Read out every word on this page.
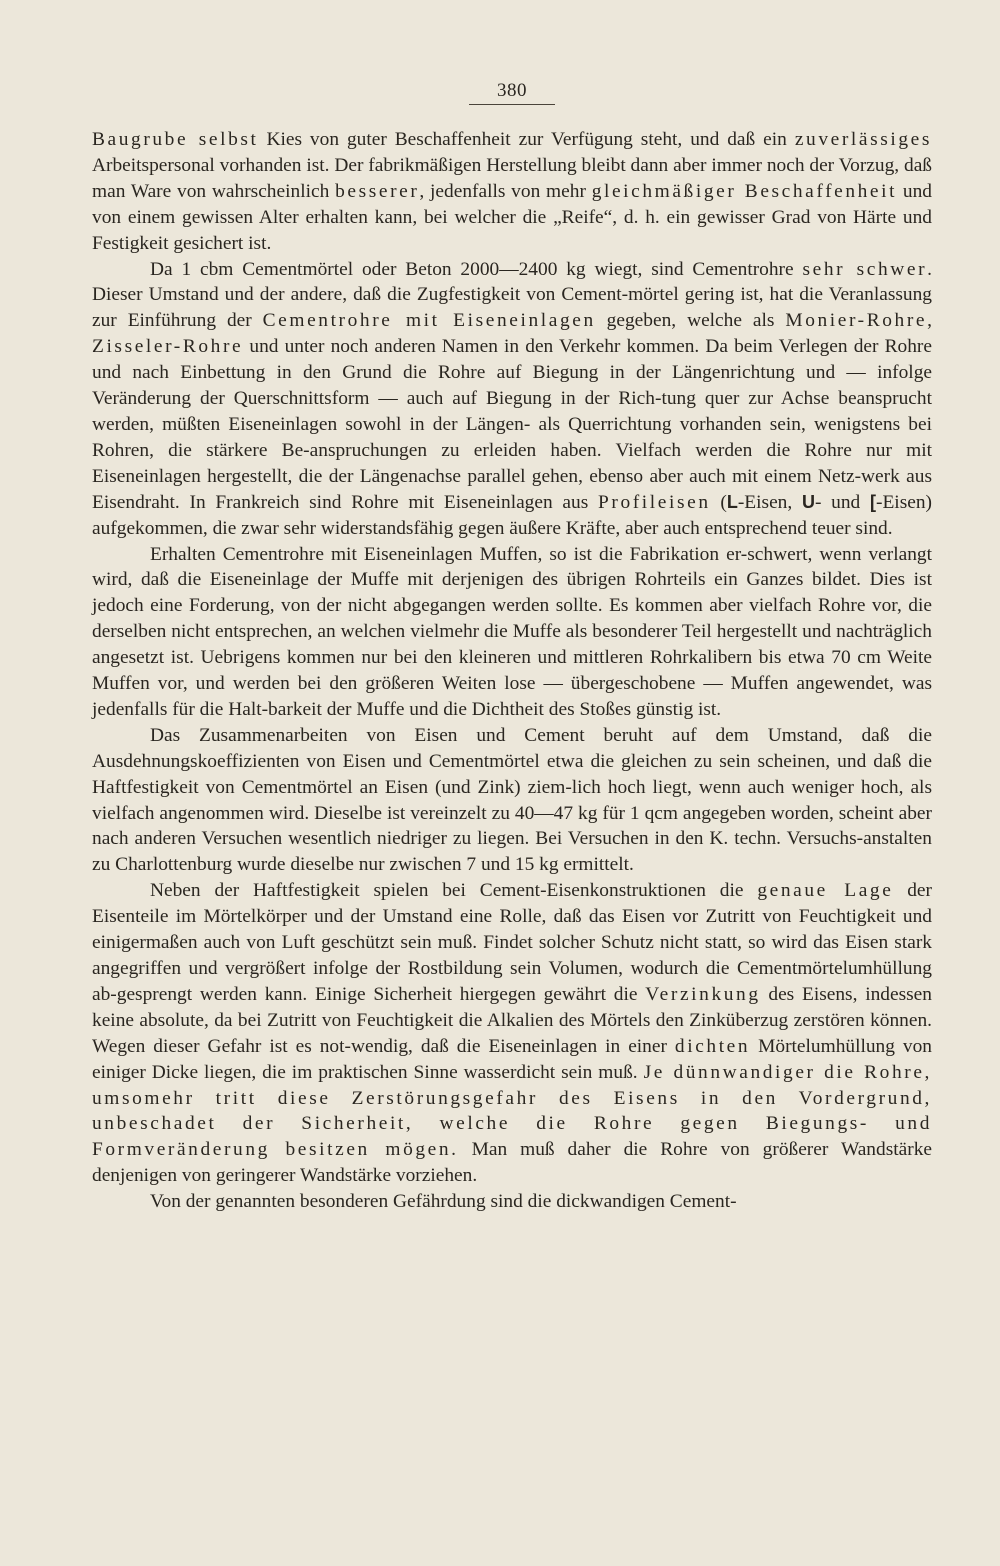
380

Baugrube selbst Kies von guter Beschaffenheit zur Verfügung steht, und daß ein zuverlässiges Arbeitspersonal vorhanden ist. Der fabrikmäßigen Herstellung bleibt dann aber immer noch der Vorzug, daß man Ware von wahrscheinlich besserer, jedenfalls von mehr gleichmäßiger Beschaffenheit und von einem gewissen Alter erhalten kann, bei welcher die „Reife“, d. h. ein gewisser Grad von Härte und Festigkeit gesichert ist.

Da 1 cbm Cementmörtel oder Beton 2000—2400 kg wiegt, sind Cementrohre sehr schwer. Dieser Umstand und der andere, daß die Zugfestigkeit von Cement-mörtel gering ist, hat die Veranlassung zur Einführung der Cementrohre mit Eiseneinlagen gegeben, welche als Monier-Rohre, Zisseler-Rohre und unter noch anderen Namen in den Verkehr kommen. Da beim Verlegen der Rohre und nach Einbettung in den Grund die Rohre auf Biegung in der Längenrichtung und — infolge Veränderung der Querschnittsform — auch auf Biegung in der Rich-tung quer zur Achse beansprucht werden, müßten Eiseneinlagen sowohl in der Längen- als Querrichtung vorhanden sein, wenigstens bei Rohren, die stärkere Be-anspruchungen zu erleiden haben. Vielfach werden die Rohre nur mit Eiseneinlagen hergestellt, die der Längenachse parallel gehen, ebenso aber auch mit einem Netz-werk aus Eisendraht. In Frankreich sind Rohre mit Eiseneinlagen aus Profileisen (L-Eisen, U- und [-Eisen) aufgekommen, die zwar sehr widerstandsfähig gegen äußere Kräfte, aber auch entsprechend teuer sind.

Erhalten Cementrohre mit Eiseneinlagen Muffen, so ist die Fabrikation er-schwert, wenn verlangt wird, daß die Eiseneinlage der Muffe mit derjenigen des übrigen Rohrteils ein Ganzes bildet. Dies ist jedoch eine Forderung, von der nicht abgegangen werden sollte. Es kommen aber vielfach Rohre vor, die derselben nicht entsprechen, an welchen vielmehr die Muffe als besonderer Teil hergestellt und nachträglich angesetzt ist. Uebrigens kommen nur bei den kleineren und mittleren Rohrkalibern bis etwa 70 cm Weite Muffen vor, und werden bei den größeren Weiten lose — übergeschobene — Muffen angewendet, was jedenfalls für die Halt-barkeit der Muffe und die Dichtheit des Stoßes günstig ist.

Das Zusammenarbeiten von Eisen und Cement beruht auf dem Umstand, daß die Ausdehnungskoeffizienten von Eisen und Cementmörtel etwa die gleichen zu sein scheinen, und daß die Haftfestigkeit von Cementmörtel an Eisen (und Zink) ziem-lich hoch liegt, wenn auch weniger hoch, als vielfach angenommen wird. Dieselbe ist vereinzelt zu 40—47 kg für 1 qcm angegeben worden, scheint aber nach anderen Versuchen wesentlich niedriger zu liegen. Bei Versuchen in den K. techn. Versuchs-anstalten zu Charlottenburg wurde dieselbe nur zwischen 7 und 15 kg ermittelt.

Neben der Haftfestigkeit spielen bei Cement-Eisenkonstruktionen die genaue Lage der Eisenteile im Mörtelkörper und der Umstand eine Rolle, daß das Eisen vor Zutritt von Feuchtigkeit und einigermaßen auch von Luft geschützt sein muß. Findet solcher Schutz nicht statt, so wird das Eisen stark angegriffen und vergrößert infolge der Rostbildung sein Volumen, wodurch die Cementmörtelumhüllung ab-gesprengt werden kann. Einige Sicherheit hiergegen gewährt die Verzinkung des Eisens, indessen keine absolute, da bei Zutritt von Feuchtigkeit die Alkalien des Mörtels den Zinküberzug zerstören können. Wegen dieser Gefahr ist es not-wendig, daß die Eiseneinlagen in einer dichten Mörtelumhüllung von einiger Dicke liegen, die im praktischen Sinne wasserdicht sein muß. Je dünnwandiger die Rohre, umsomehr tritt diese Zerstörungsgefahr des Eisens in den Vordergrund, unbeschadet der Sicherheit, welche die Rohre gegen Biegungs- und Formveränderung besitzen mögen. Man muß daher die Rohre von größerer Wandstärke denjenigen von geringerer Wandstärke vorziehen.

Von der genannten besonderen Gefährdung sind die dickwandigen Cement-
